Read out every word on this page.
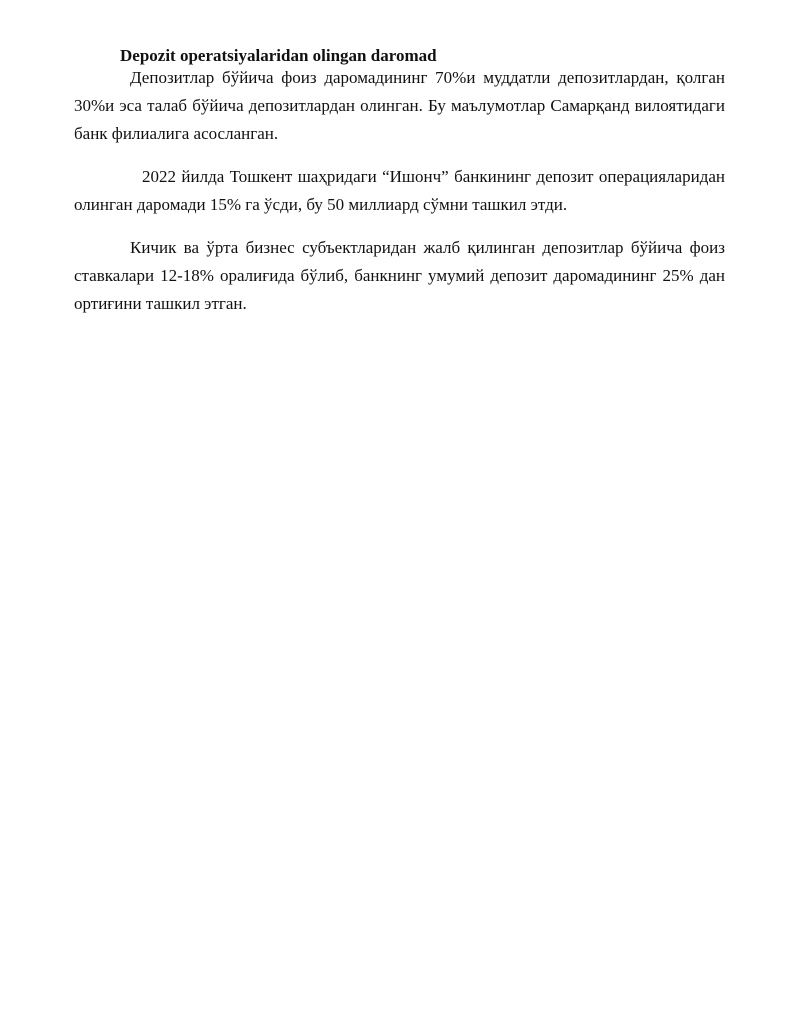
Depozit operatsiyalaridan olingan daromad

Депозитлар бўйича фоиз даромадининг 70%и муддатли депозитлардан, қолган 30%и эса талаб бўйича депозитлардан олинган. Бу маълумотлар Самарқанд вилоятидаги банк филиалига асосланган.

2022 йилда Тошкент шаҳридаги “Ишонч” банкининг депозит операцияларидан олинган даромади 15% га ўсди, бу 50 миллиард сўмни ташкил этди.

Кичик ва ўрта бизнес субъектларидан жалб қилинган депозитлар бўйича фоиз ставкалари 12-18% оралиғида бўлиб, банкнинг умумий депозит даромадининг 25% дан ортиғини ташкил этган.
